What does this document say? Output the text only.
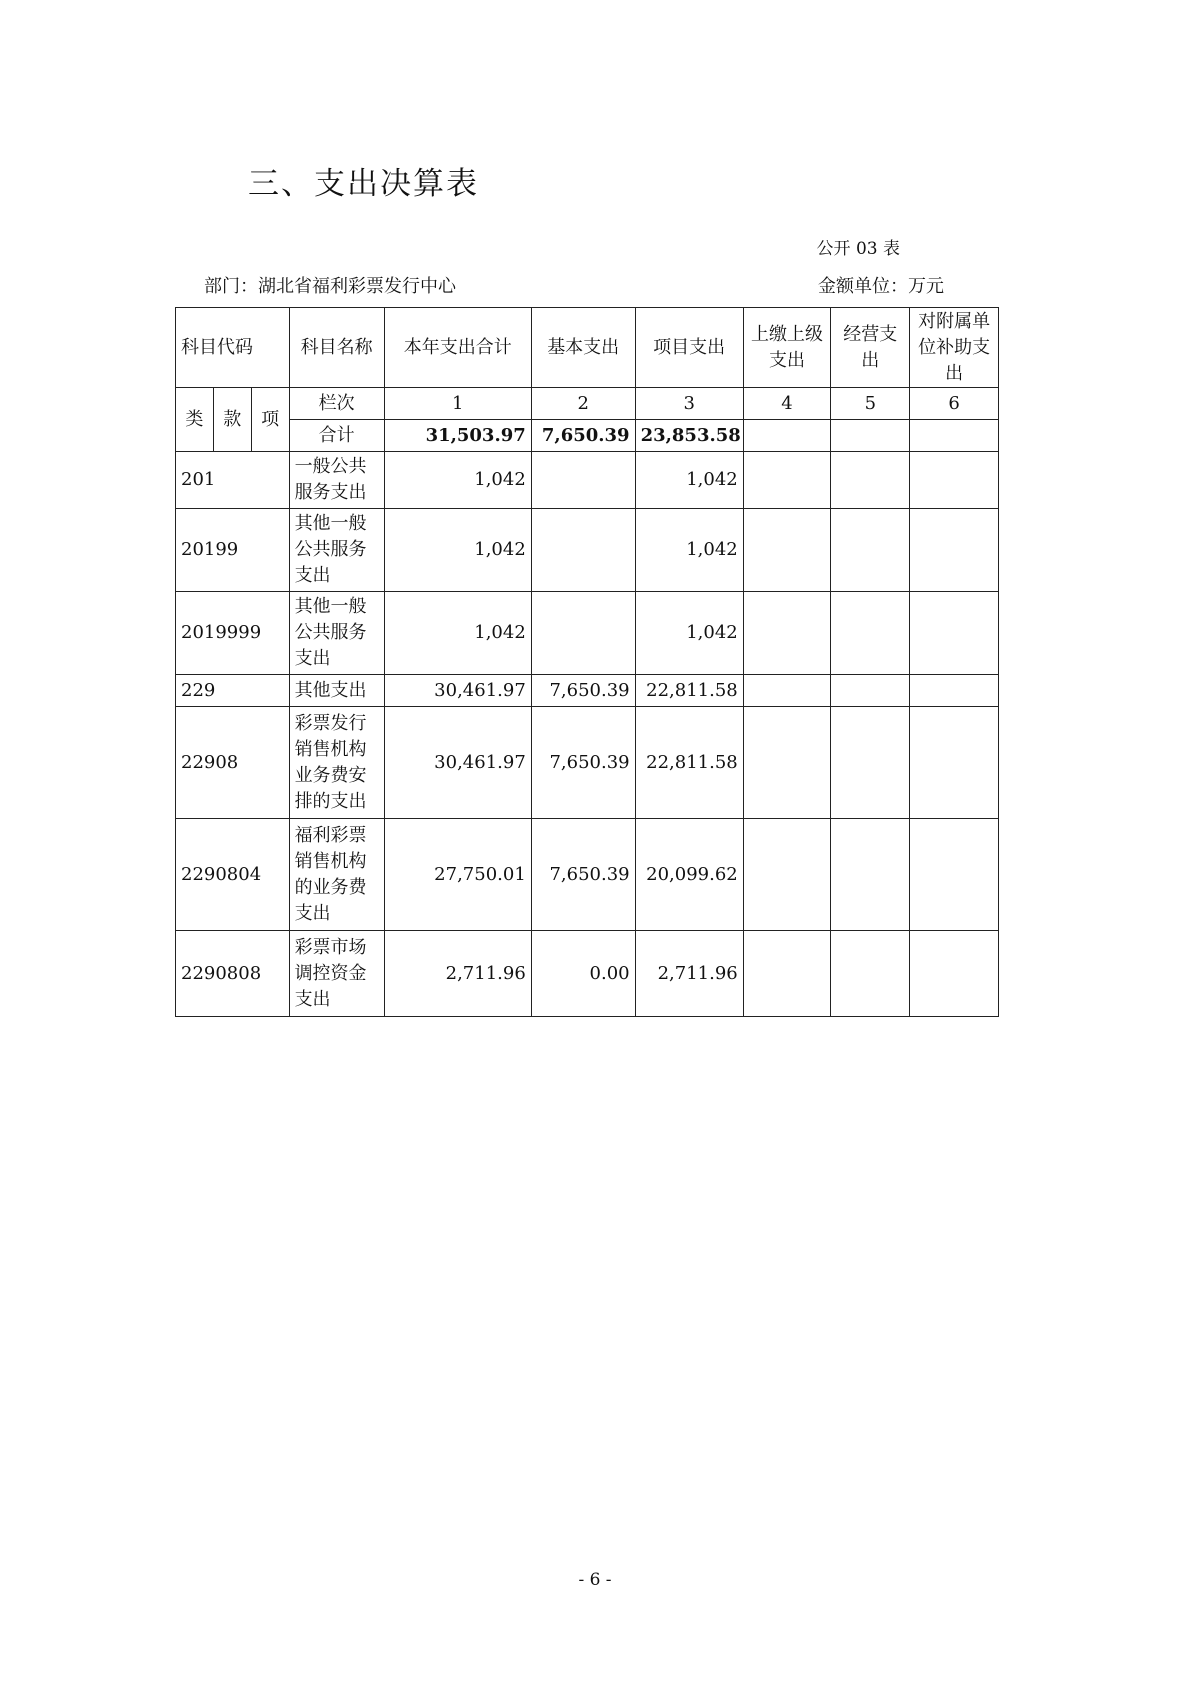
三、支出决算表
公开 03 表
部门：湖北省福利彩票发行中心	金额单位：万元
科目代码			科目名称	本年支出合计	基本支出	项目支出	上缴上级支出	经营支出	对附属单位补助支出
类	款	项	栏次	1	2	3	4	5	6
			合计	31,503.97	7,650.39	23,853.58			
201			一般公共服务支出	1,042		1,042			
20199			其他一般公共服务支出	1,042		1,042			
2019999			其他一般公共服务支出	1,042		1,042			
229			其他支出	30,461.97	7,650.39	22,811.58			
22908			彩票发行销售机构业务费安排的支出	30,461.97	7,650.39	22,811.58			
2290804			福利彩票销售机构的业务费支出	27,750.01	7,650.39	20,099.62			
2290808			彩票市场调控资金支出	2,711.96	0.00	2,711.96			
- 6 -
